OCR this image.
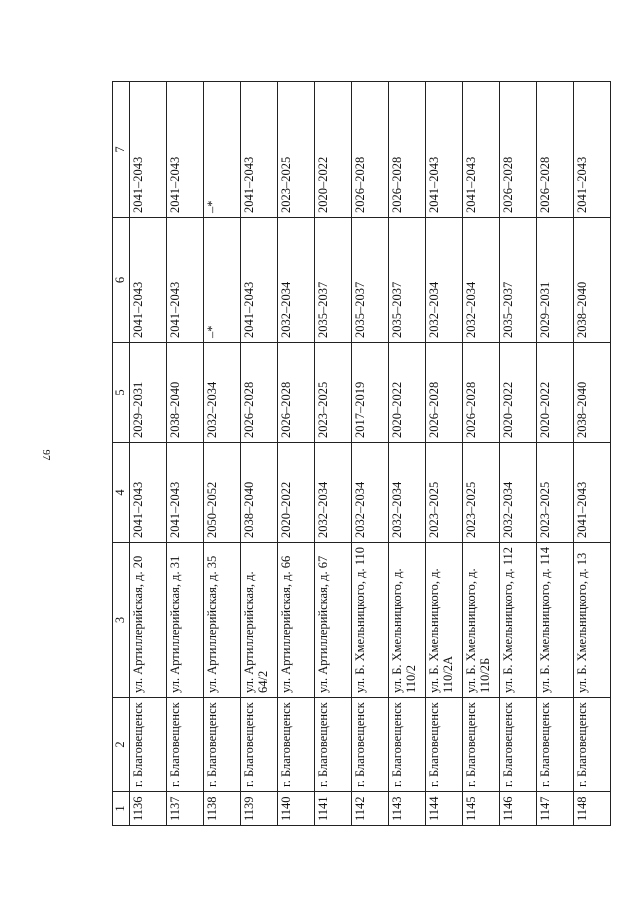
97
1	2	3	4	5	6	7
1136	г. Благовещенск	ул. Артиллерийская, д. 20	2041–2043	2029–2031	2041–2043	2041–2043
1137	г. Благовещенск	ул. Артиллерийская, д. 31	2041–2043	2038–2040	2041–2043	2041–2043
1138	г. Благовещенск	ул. Артиллерийская, д. 35	2050–2052	2032–2034	–*	–*
1139	г. Благовещенск	ул. Артиллерийская, д. 64/2	2038–2040	2026–2028	2041–2043	2041–2043
1140	г. Благовещенск	ул. Артиллерийская, д. 66	2020–2022	2026–2028	2032–2034	2023–2025
1141	г. Благовещенск	ул. Артиллерийская, д. 67	2032–2034	2023–2025	2035–2037	2020–2022
1142	г. Благовещенск	ул. Б. Хмельницкого, д. 110	2032–2034	2017–2019	2035–2037	2026–2028
1143	г. Благовещенск	ул. Б. Хмельницкого, д. 110/2	2032–2034	2020–2022	2035–2037	2026–2028
1144	г. Благовещенск	ул. Б. Хмельницкого, д. 110/2А	2023–2025	2026–2028	2032–2034	2041–2043
1145	г. Благовещенск	ул. Б. Хмельницкого, д. 110/2Б	2023–2025	2026–2028	2032–2034	2041–2043
1146	г. Благовещенск	ул. Б. Хмельницкого, д. 112	2032–2034	2020–2022	2035–2037	2026–2028
1147	г. Благовещенск	ул. Б. Хмельницкого, д. 114	2023–2025	2020–2022	2029–2031	2026–2028
1148	г. Благовещенск	ул. Б. Хмельницкого, д. 13	2041–2043	2038–2040	2038–2040	2041–2043
